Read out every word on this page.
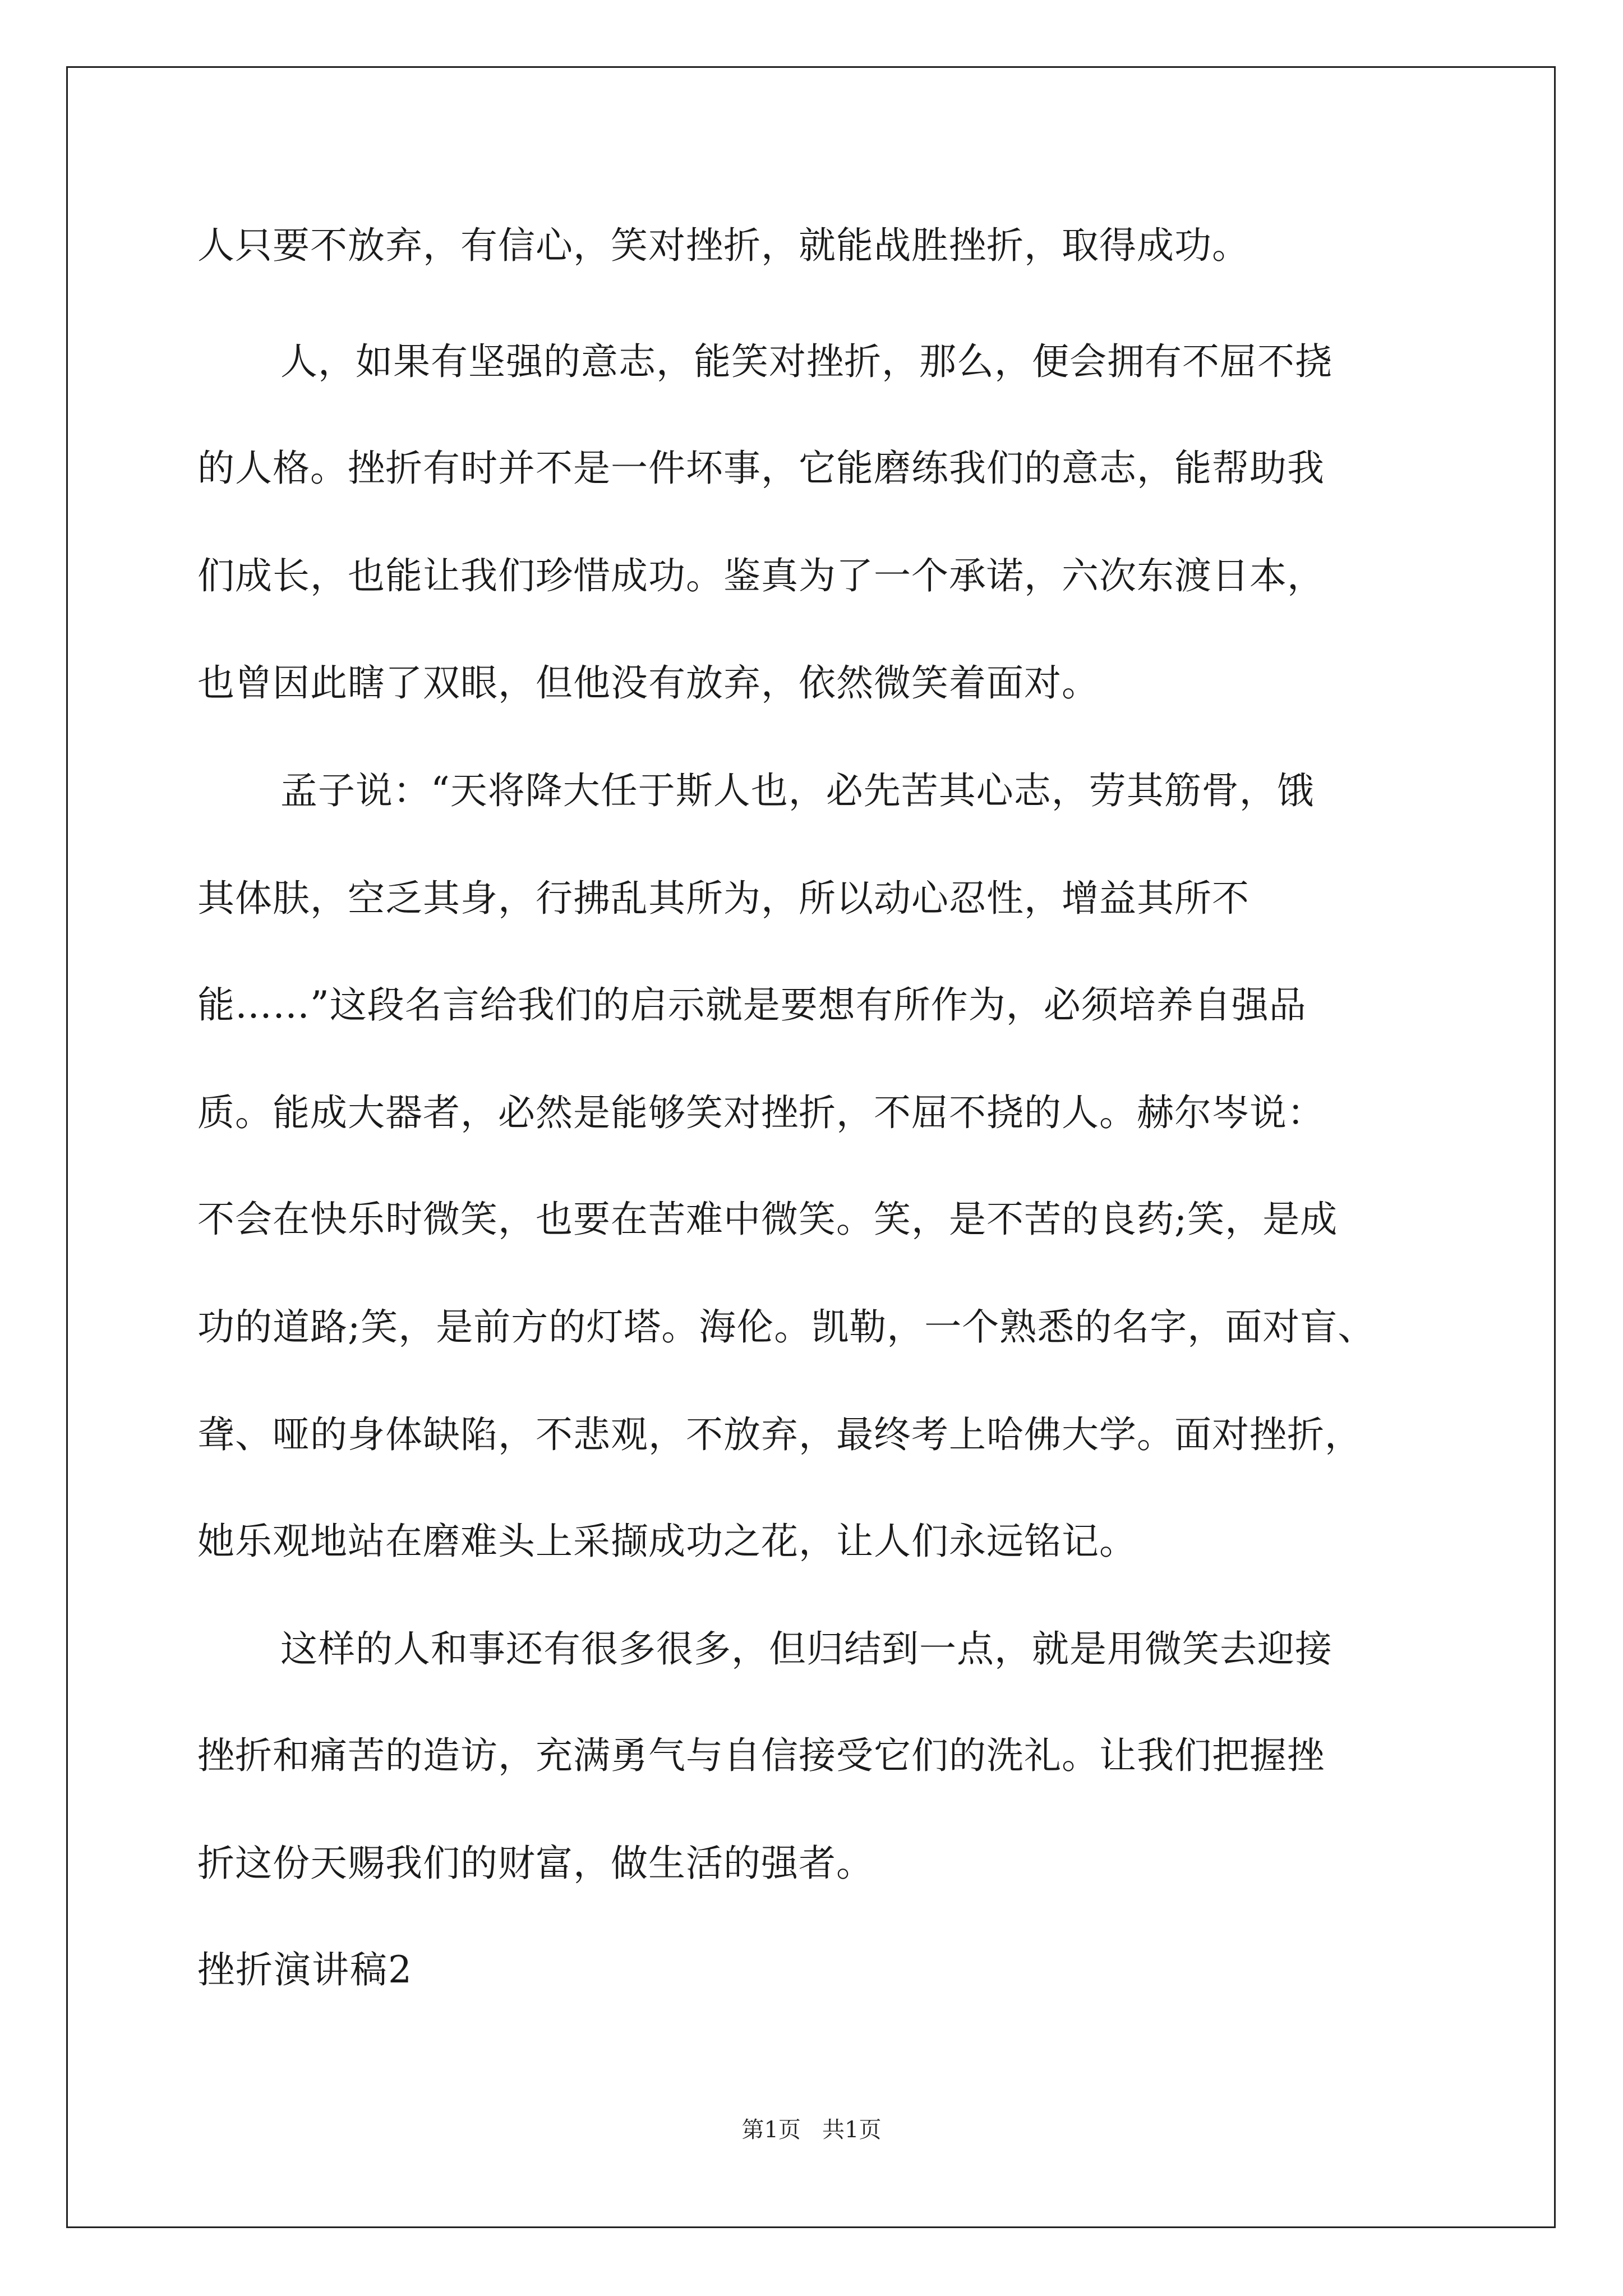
人只要不放弃，有信心，笑对挫折，就能战胜挫折，取得成功。
人，如果有坚强的意志，能笑对挫折，那么，便会拥有不屈不挠
的人格。挫折有时并不是一件坏事，它能磨练我们的意志，能帮助我
们成长，也能让我们珍惜成功。鉴真为了一个承诺，六次东渡日本，
也曾因此瞎了双眼，但他没有放弃，依然微笑着面对。
孟子说：“天将降大任于斯人也，必先苦其心志，劳其筋骨，饿
其体肤，空乏其身，行拂乱其所为，所以动心忍性，增益其所不
能……”这段名言给我们的启示就是要想有所作为，必须培养自强品
质。能成大器者，必然是能够笑对挫折，不屈不挠的人。赫尔岑说：
不会在快乐时微笑，也要在苦难中微笑。笑，是不苦的良药;笑，是成
功的道路;笑，是前方的灯塔。海伦。凯勒，一个熟悉的名字，面对盲、
聋、哑的身体缺陷，不悲观，不放弃，最终考上哈佛大学。面对挫折，
她乐观地站在磨难头上采撷成功之花，让人们永远铭记。
这样的人和事还有很多很多，但归结到一点，就是用微笑去迎接
挫折和痛苦的造访，充满勇气与自信接受它们的洗礼。让我们把握挫
折这份天赐我们的财富，做生活的强者。
挫折演讲稿2
第1页   共1页
